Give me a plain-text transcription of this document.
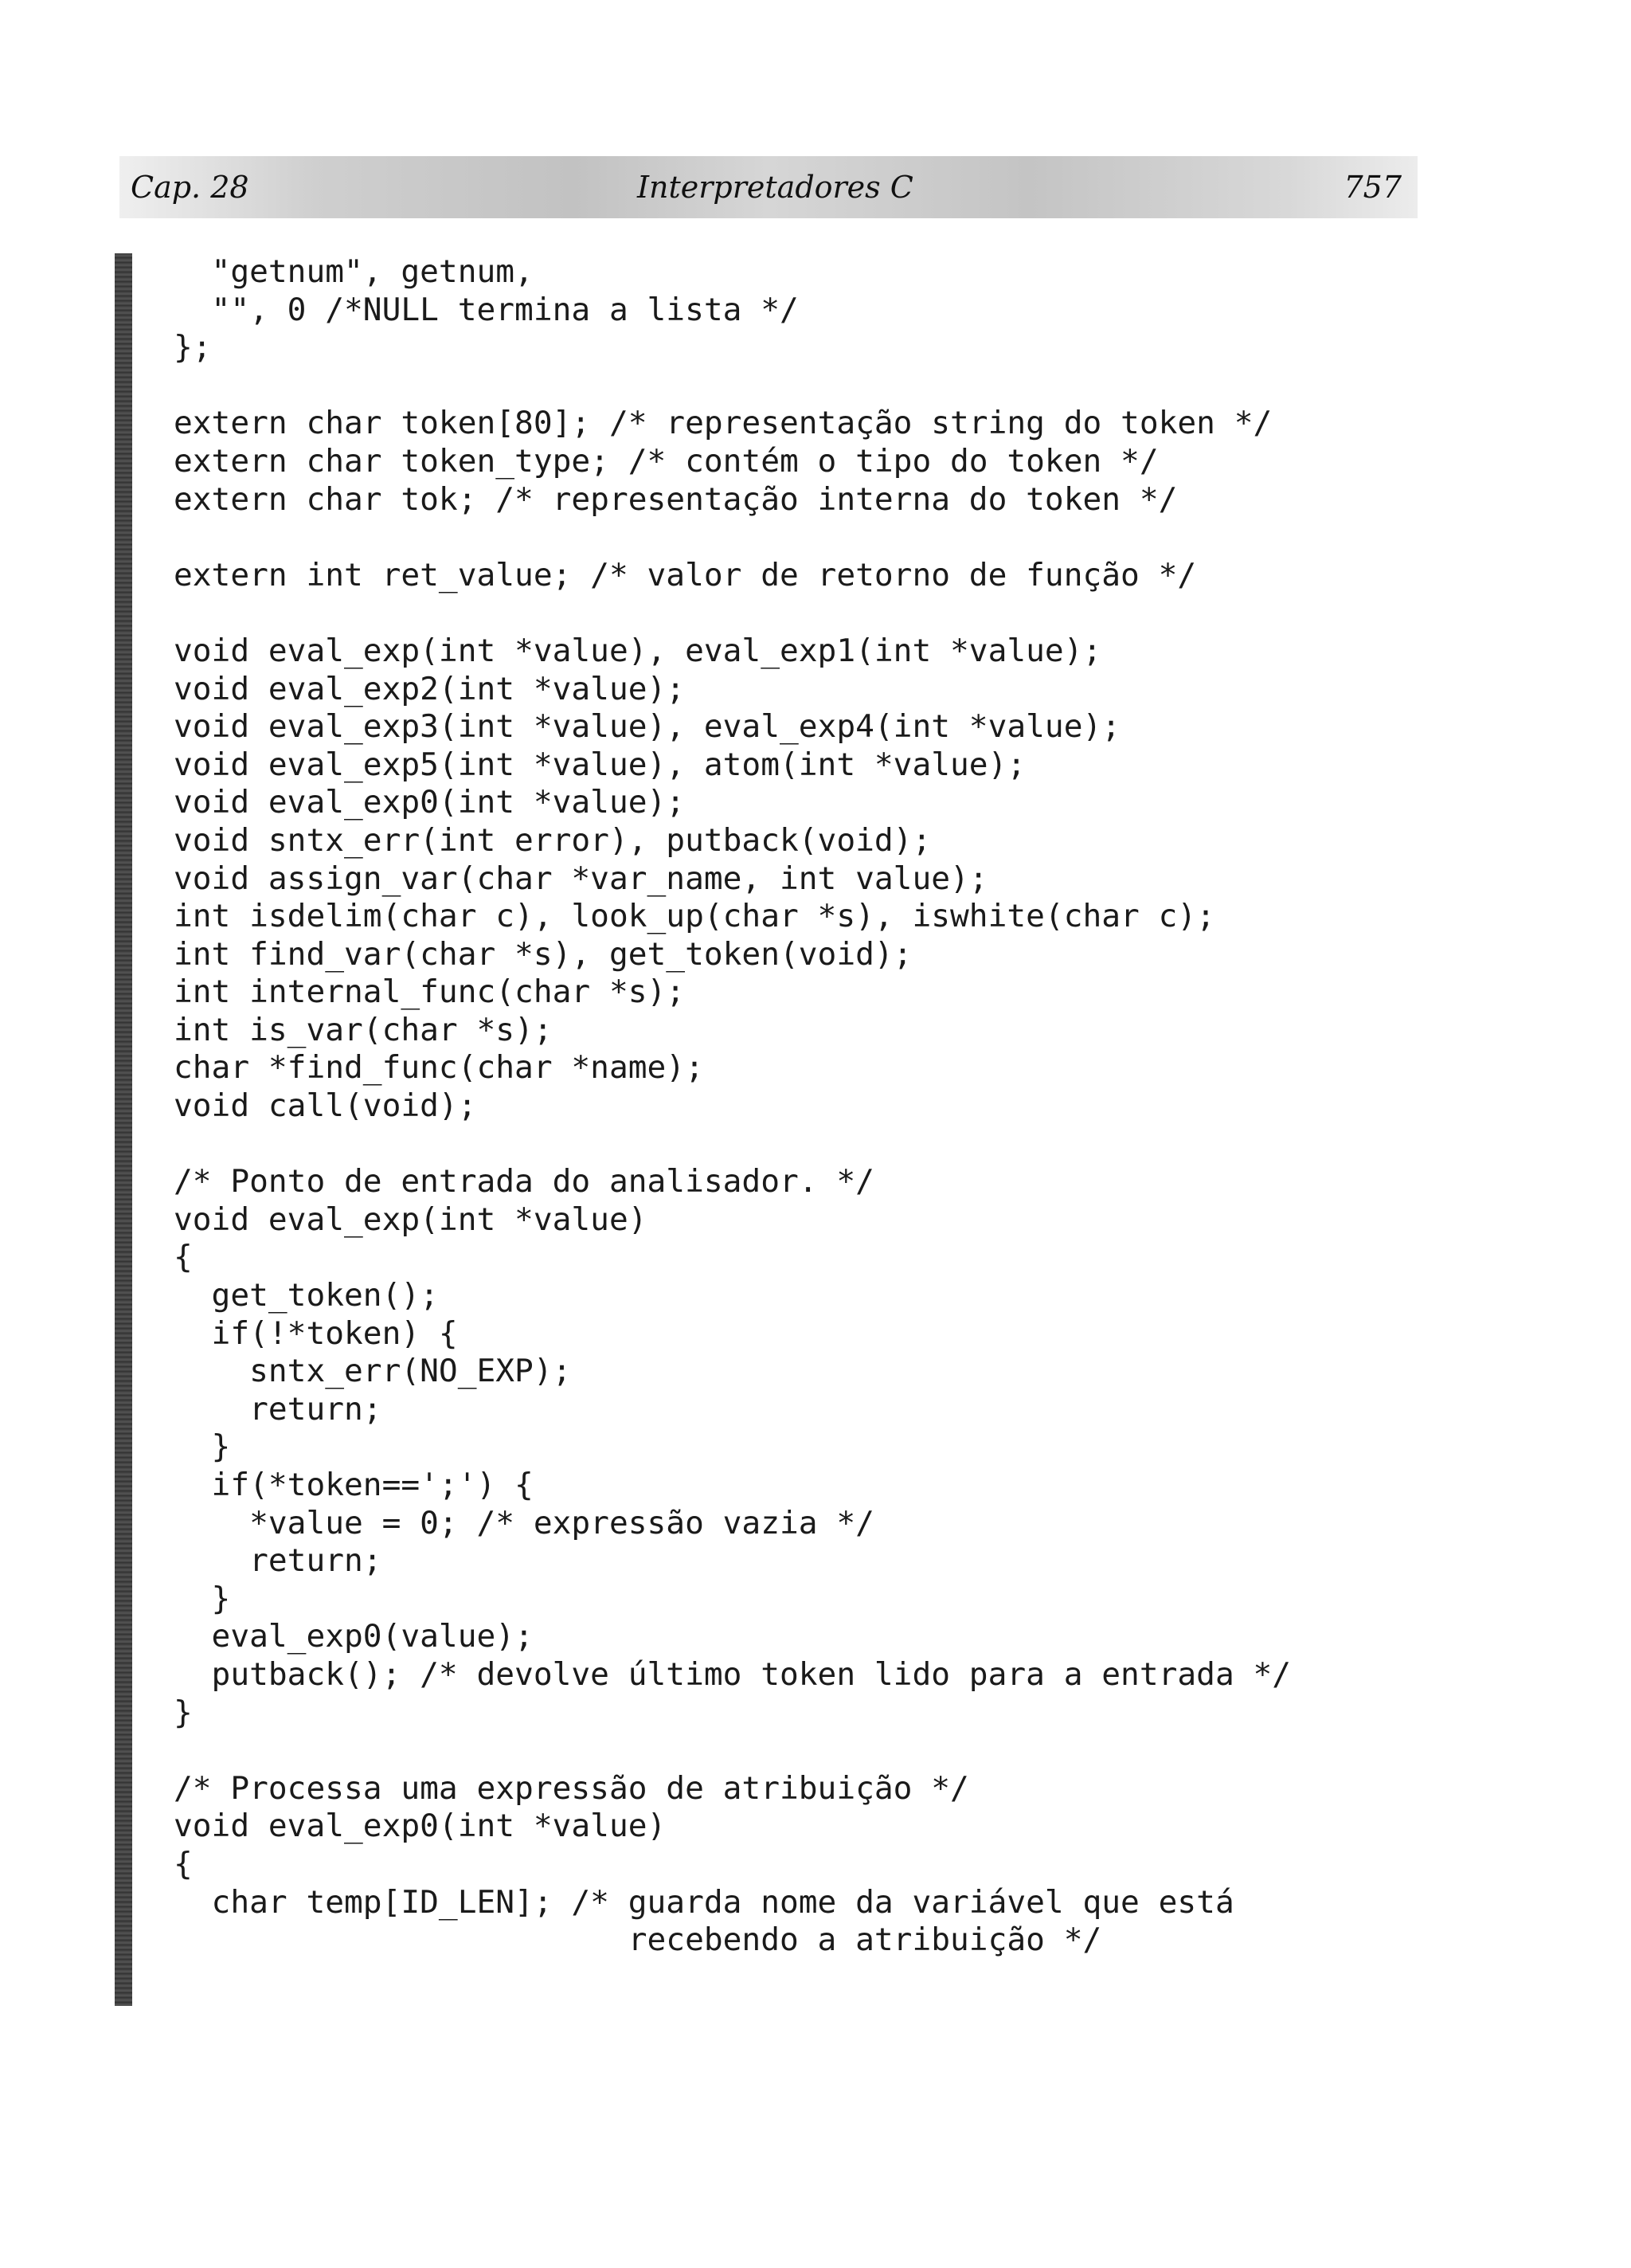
Cap. 28	Interpretadores C	757
"getnum", getnum,
"", 0 /*NULL termina a lista */
};
extern char token[80]; /* representação string do token */
extern char token_type; /* contém o tipo do token */
extern char tok; /* representação interna do token */
extern int ret_value; /* valor de retorno de função */
void eval_exp(int *value), eval_exp1(int *value);
void eval_exp2(int *value);
void eval_exp3(int *value), eval_exp4(int *value);
void eval_exp5(int *value), atom(int *value);
void eval_exp0(int *value);
void sntx_err(int error), putback(void);
void assign_var(char *var_name, int value);
int isdelim(char c), look_up(char *s), iswhite(char c);
int find_var(char *s), get_token(void);
int internal_func(char *s);
int is_var(char *s);
char *find_func(char *name);
void call(void);
/* Ponto de entrada do analisador. */
void eval_exp(int *value)
{
get_token();
if(!*token) {
sntx_err(NO_EXP);
return;
}
if(*token==';') {
*value = 0; /* expressão vazia */
return;
}
eval_exp0(value);
putback(); /* devolve último token lido para a entrada */
}
/* Processa uma expressão de atribuição */
void eval_exp0(int *value)
{
char temp[ID_LEN]; /* guarda nome da variável que está
recebendo a atribuição */
